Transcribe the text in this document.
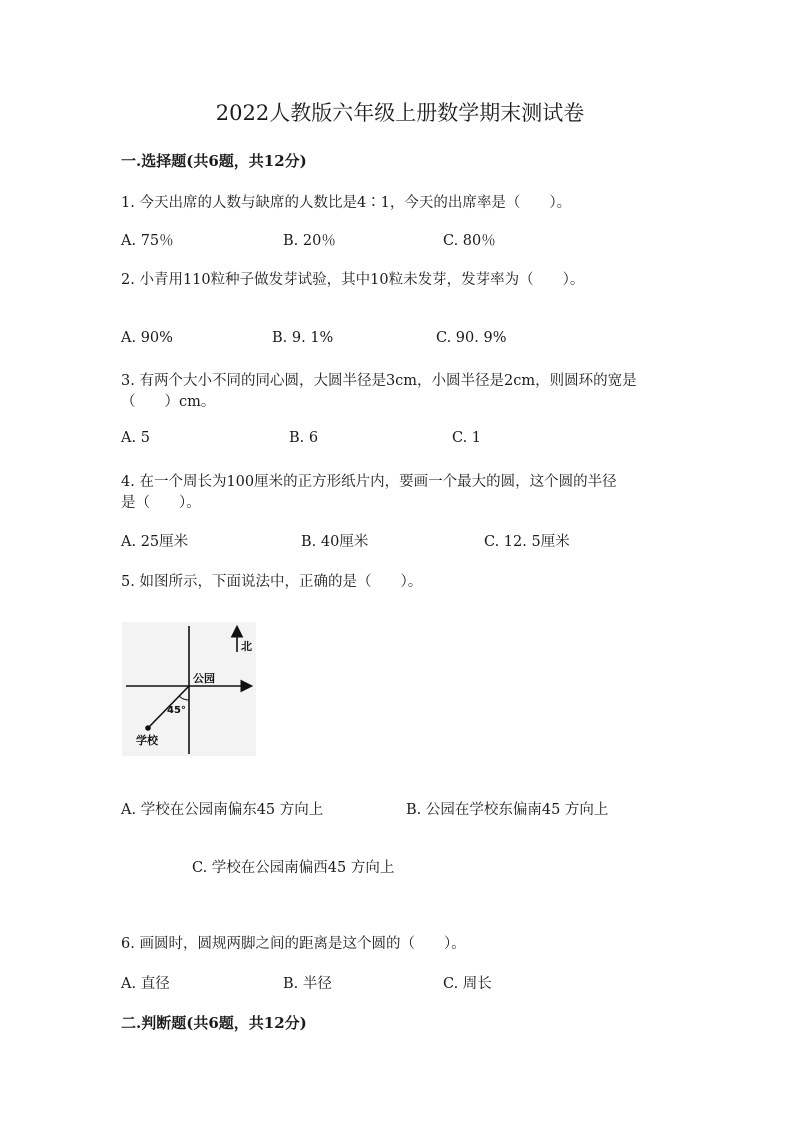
2022人教版六年级上册数学期末测试卷
一.选择题(共6题，共12分)
1. 今天出席的人数与缺席的人数比是4∶1，今天的出席率是（　　）。
A. 75％	B. 20％	C. 80％
2. 小青用110粒种子做发芽试验，其中10粒未发芽，发芽率为（　　）。
A. 90%	B. 9. 1%	C. 90. 9%
3. 有两个大小不同的同心圆，大圆半径是3cm，小圆半径是2cm，则圆环的宽是
（　　）cm。
A. 5	B. 6	C. 1
4. 在一个周长为100厘米的正方形纸片内，要画一个最大的圆，这个圆的半径
是（　　）。
A. 25厘米	B. 40厘米	C. 12. 5厘米
5. 如图所示，下面说法中，正确的是（　　）。
北
公园
45°
学校
A. 学校在公园南偏东45 方向上	B. 公园在学校东偏南45 方向上
C. 学校在公园南偏西45 方向上
6. 画圆时，圆规两脚之间的距离是这个圆的（　　）。
A. 直径	B. 半径	C. 周长
二.判断题(共6题，共12分)
